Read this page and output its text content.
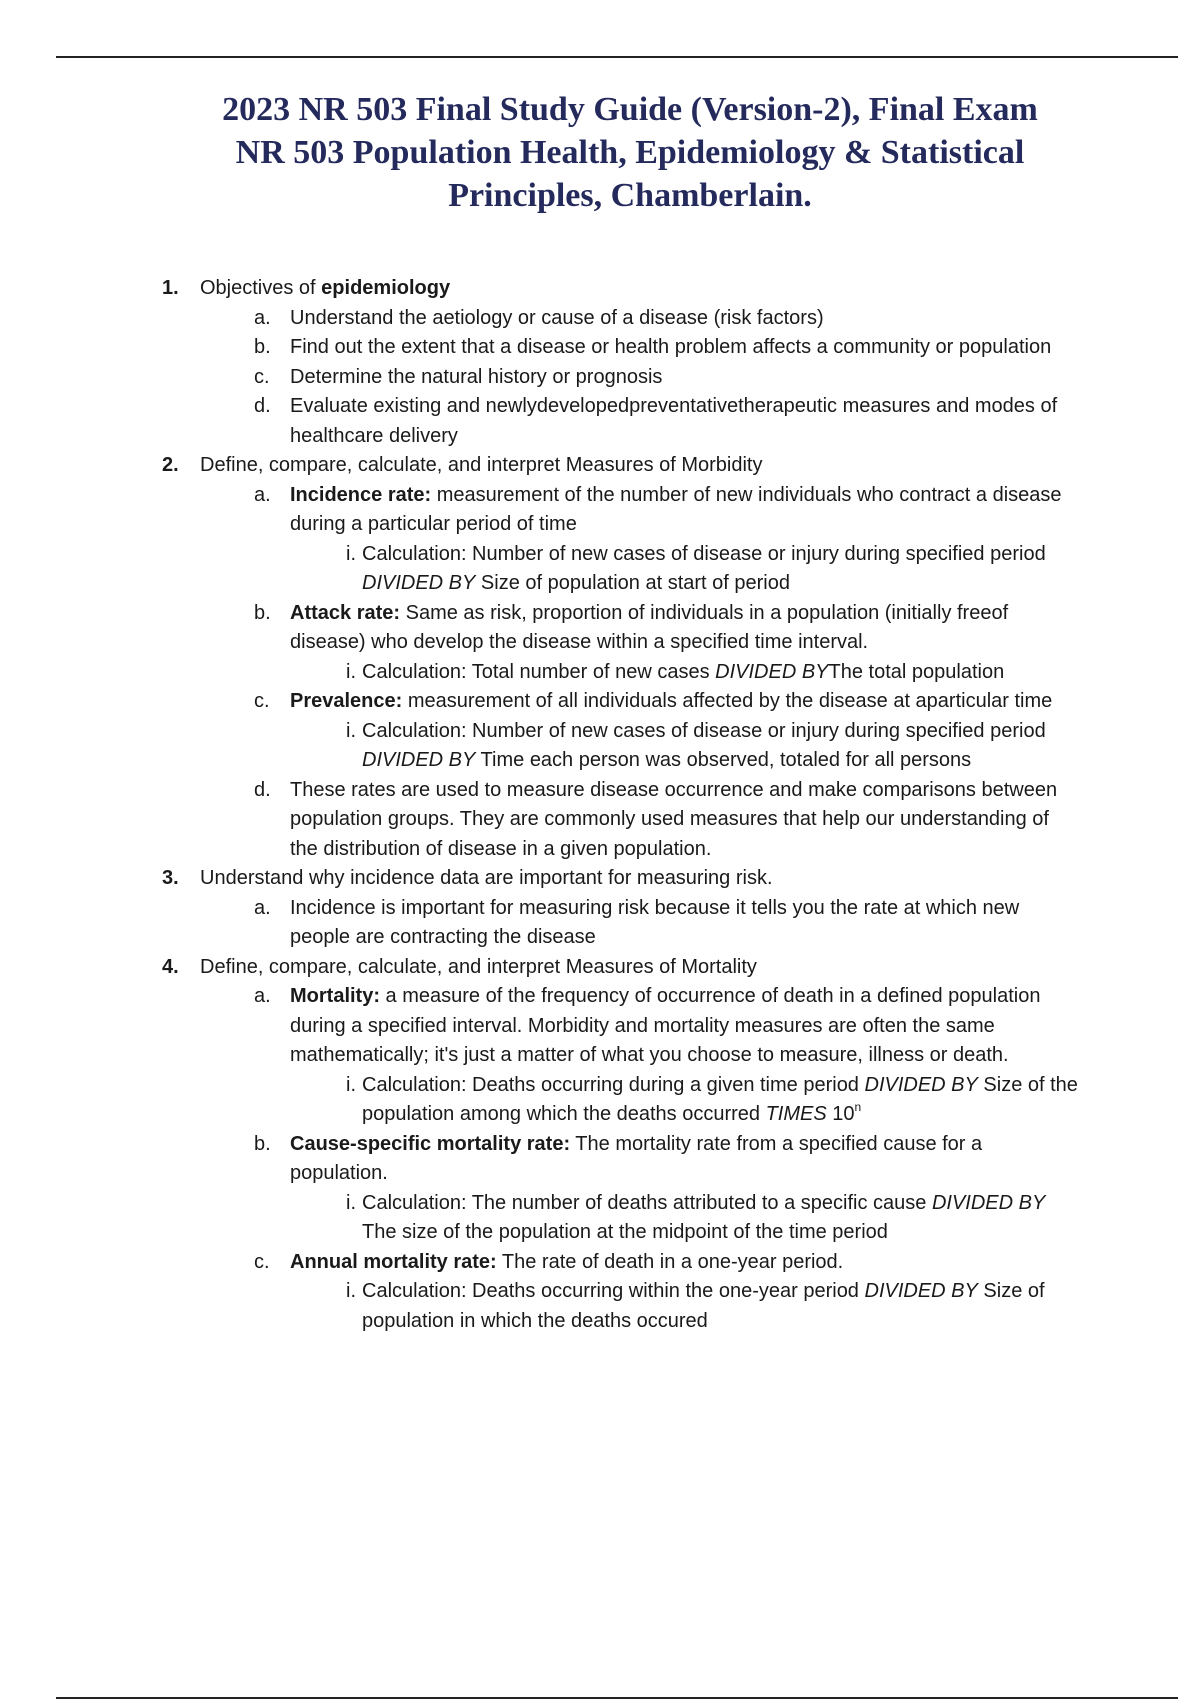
2023 NR 503 Final Study Guide (Version-2), Final Exam
NR 503 Population Health, Epidemiology & Statistical
Principles, Chamberlain.
1.	Objectives of epidemiology
a. Understand the aetiology or cause of a disease (risk factors)
b. Find out the extent that a disease or health problem affects a community or population
c.	Determine the natural history or prognosis
d. Evaluate existing and newlydevelopedpreventativetherapeutic measures and modes of healthcare delivery
2.	Define, compare, calculate, and interpret Measures of Morbidity
a. Incidence rate: measurement of the number of new individuals who contract a disease during a particular period of time
i. Calculation: Number of new cases of disease or injury during specified period DIVIDED BY Size of population at start of period
b. Attack rate: Same as risk, proportion of individuals in a population (initially freeof disease) who develop the disease within a specified time interval.
i. Calculation: Total number of new cases DIVIDED BYThe total population
c.	Prevalence: measurement of all individuals affected by the disease at aparticular time
i. Calculation: Number of new cases of disease or injury during specified period DIVIDED BY Time each person was observed, totaled for all persons
d. These rates are used to measure disease occurrence and make comparisons between population groups. They are commonly used measures that help our understanding of the distribution of disease in a given population.
3.	Understand why incidence data are important for measuring risk.
a. Incidence is important for measuring risk because it tells you the rate at which new people are contracting the disease
4.	Define, compare, calculate, and interpret Measures of Mortality
a. Mortality: a measure of the frequency of occurrence of death in a defined population during a specified interval. Morbidity and mortality measures are often the same mathematically; it's just a matter of what you choose to measure, illness or death.
i. Calculation: Deaths occurring during a given time period DIVIDED BY Size of the population among which the deaths occurred TIMES 10$^n$
b. Cause-specific mortality rate: The mortality rate from a specified cause for a population.
i. Calculation: The number of deaths attributed to a specific cause DIVIDED BY The size of the population at the midpoint of the time period
c.	Annual mortality rate: The rate of death in a one-year period.
i. Calculation: Deaths occurring within the one-year period DIVIDED BY Size of population in which the deaths occured
